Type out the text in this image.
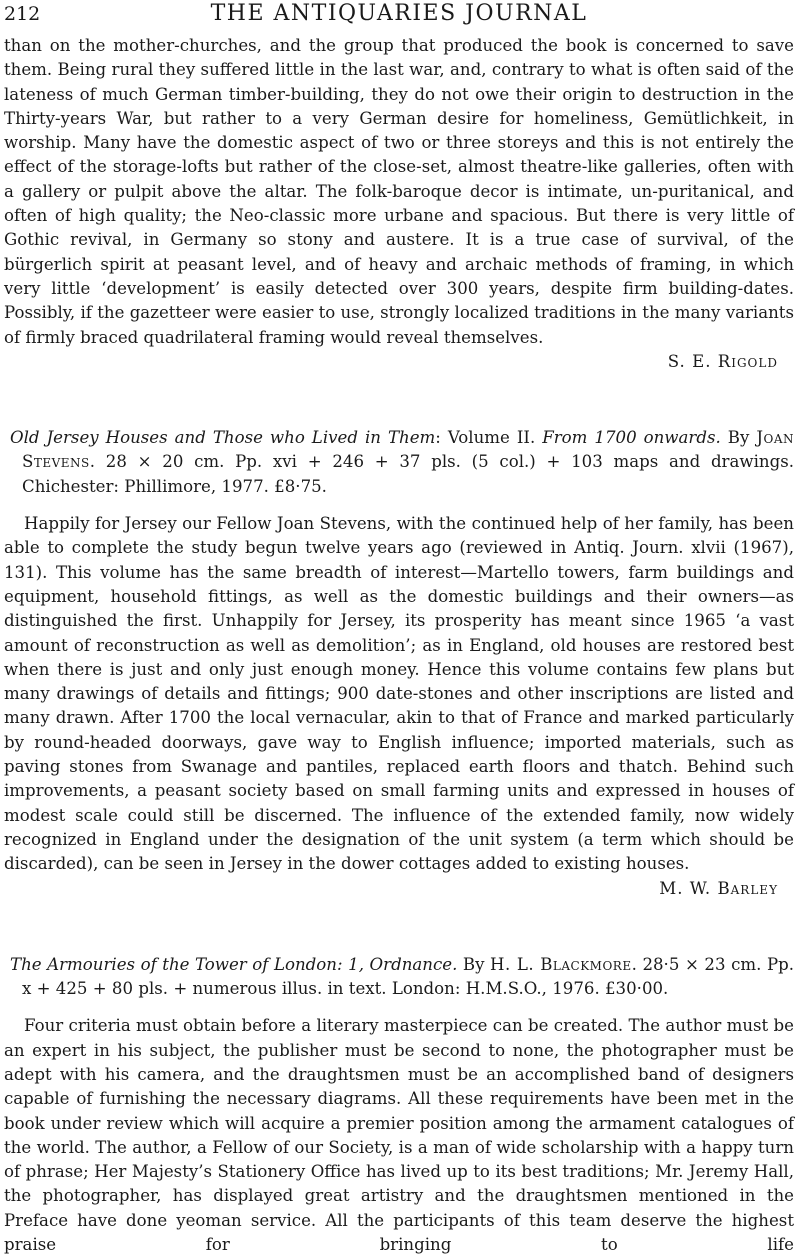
212	THE ANTIQUARIES JOURNAL

than on the mother-churches, and the group that produced the book is concerned to save them. Being rural they suffered little in the last war, and, contrary to what is often said of the lateness of much German timber-building, they do not owe their origin to destruction in the Thirty-years War, but rather to a very German desire for homeliness, Gemütlichkeit, in worship. Many have the domestic aspect of two or three storeys and this is not entirely the effect of the storage-lofts but rather of the close-set, almost theatre-like galleries, often with a gallery or pulpit above the altar. The folk-baroque decor is intimate, un-puritanical, and often of high quality; the Neo-classic more urbane and spacious. But there is very little of Gothic revival, in Germany so stony and austere. It is a true case of survival, of the bürgerlich spirit at peasant level, and of heavy and archaic methods of framing, in which very little ‘development’ is easily detected over 300 years, despite firm building-dates. Possibly, if the gazetteer were easier to use, strongly localized traditions in the many variants of firmly braced quadrilateral framing would reveal themselves.

S. E. Rigold

Old Jersey Houses and Those who Lived in Them: Volume II. From 1700 onwards. By Joan Stevens. 28 × 20 cm. Pp. xvi + 246 + 37 pls. (5 col.) + 103 maps and drawings. Chichester: Phillimore, 1977. £8·75.

Happily for Jersey our Fellow Joan Stevens, with the continued help of her family, has been able to complete the study begun twelve years ago (reviewed in Antiq. Journ. xlvii (1967), 131). This volume has the same breadth of interest—Martello towers, farm buildings and equipment, household fittings, as well as the domestic buildings and their owners—as distinguished the first. Unhappily for Jersey, its prosperity has meant since 1965 ‘a vast amount of reconstruction as well as demolition’; as in England, old houses are restored best when there is just and only just enough money. Hence this volume contains few plans but many drawings of details and fittings; 900 date-stones and other inscriptions are listed and many drawn. After 1700 the local vernacular, akin to that of France and marked particularly by round-headed doorways, gave way to English influence; imported materials, such as paving stones from Swanage and pantiles, replaced earth floors and thatch. Behind such improvements, a peasant society based on small farming units and expressed in houses of modest scale could still be discerned. The influence of the extended family, now widely recognized in England under the designation of the unit system (a term which should be discarded), can be seen in Jersey in the dower cottages added to existing houses.

M. W. Barley

The Armouries of the Tower of London: 1, Ordnance. By H. L. Blackmore. 28·5 × 23 cm. Pp. x + 425 + 80 pls. + numerous illus. in text. London: H.M.S.O., 1976. £30·00.

Four criteria must obtain before a literary masterpiece can be created. The author must be an expert in his subject, the publisher must be second to none, the photographer must be adept with his camera, and the draughtsmen must be an accomplished band of designers capable of furnishing the necessary diagrams. All these requirements have been met in the book under review which will acquire a premier position among the armament catalogues of the world. The author, a Fellow of our Society, is a man of wide scholarship with a happy turn of phrase; Her Majesty’s Stationery Office has lived up to its best traditions; Mr. Jeremy Hall, the photographer, has displayed great artistry and the draughtsmen mentioned in the Preface have done yeoman service. All the participants of this team deserve the highest praise for bringing to life
